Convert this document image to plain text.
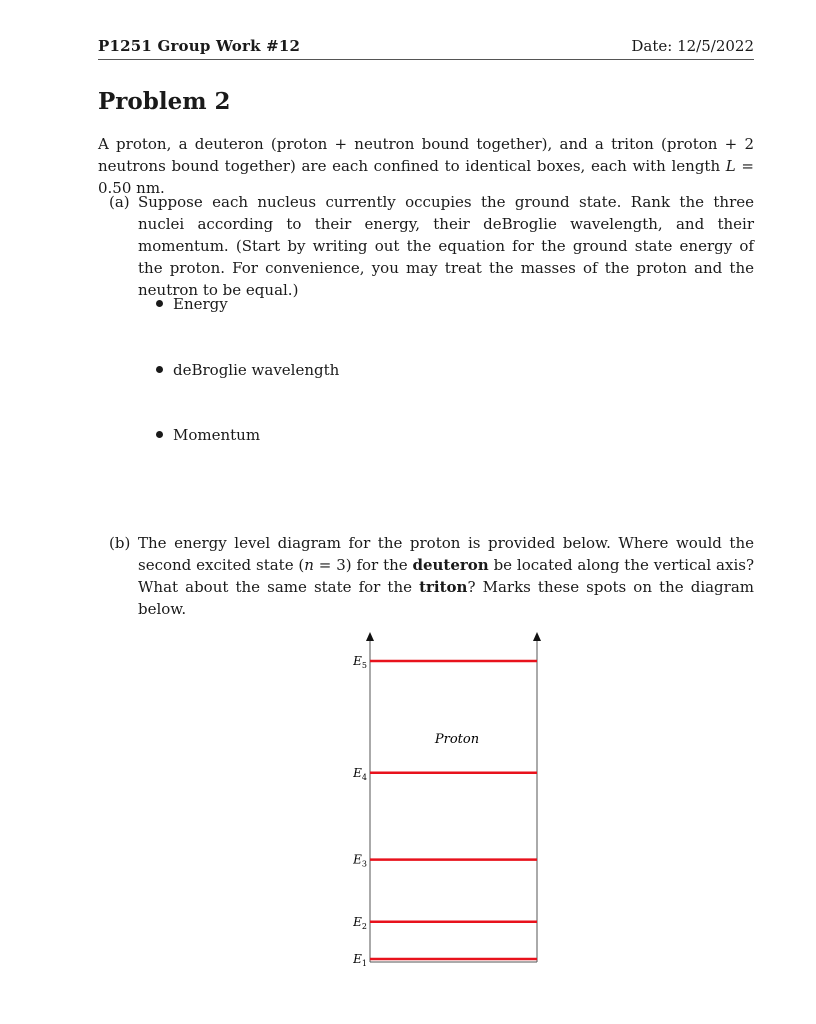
P1251 Group Work #12	Date: 12/5/2022
Problem 2
A proton, a deuteron (proton + neutron bound together), and a triton (proton + 2 neutrons bound together) are each confined to identical boxes, each with length L = 0.50 nm.
(a) Suppose each nucleus currently occupies the ground state. Rank the three nuclei according to their energy, their deBroglie wavelength, and their momentum. (Start by writing out the equation for the ground state energy of the proton. For convenience, you may treat the masses of the proton and the neutron to be equal.)
Energy
deBroglie wavelength
Momentum
(b) The energy level diagram for the proton is provided below. Where would the second excited state (n = 3) for the deuteron be located along the vertical axis? What about the same state for the triton? Marks these spots on the diagram below.
Proton
$E_5$
$E_4$
$E_3$
$E_2$
$E_1$
